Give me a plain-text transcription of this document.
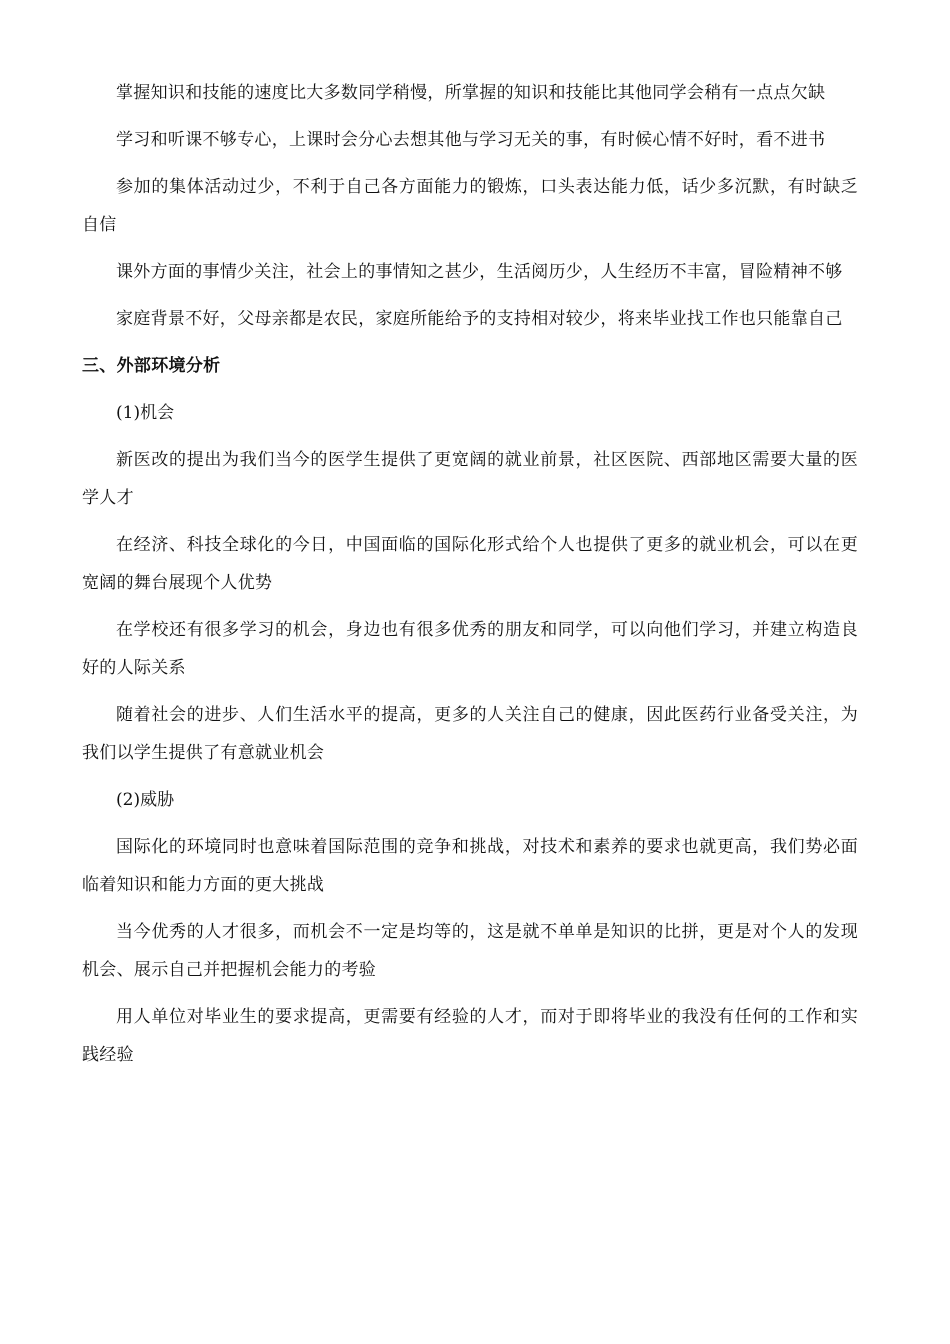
掌握知识和技能的速度比大多数同学稍慢，所掌握的知识和技能比其他同学会稍有一点点欠缺

学习和听课不够专心，上课时会分心去想其他与学习无关的事，有时候心情不好时，看不进书

参加的集体活动过少，不利于自己各方面能力的锻炼，口头表达能力低，话少多沉默，有时缺乏自信

课外方面的事情少关注，社会上的事情知之甚少，生活阅历少，人生经历不丰富，冒险精神不够

家庭背景不好，父母亲都是农民，家庭所能给予的支持相对较少，将来毕业找工作也只能靠自己

三、外部环境分析

(1)机会

新医改的提出为我们当今的医学生提供了更宽阔的就业前景，社区医院、西部地区需要大量的医学人才

在经济、科技全球化的今日，中国面临的国际化形式给个人也提供了更多的就业机会，可以在更宽阔的舞台展现个人优势

在学校还有很多学习的机会，身边也有很多优秀的朋友和同学，可以向他们学习，并建立构造良好的人际关系

随着社会的进步、人们生活水平的提高，更多的人关注自己的健康，因此医药行业备受关注，为我们以学生提供了有意就业机会

(2)威胁

国际化的环境同时也意味着国际范围的竞争和挑战，对技术和素养的要求也就更高，我们势必面临着知识和能力方面的更大挑战

当今优秀的人才很多，而机会不一定是均等的，这是就不单单是知识的比拼，更是对个人的发现机会、展示自己并把握机会能力的考验

用人单位对毕业生的要求提高，更需要有经验的人才，而对于即将毕业的我没有任何的工作和实践经验
